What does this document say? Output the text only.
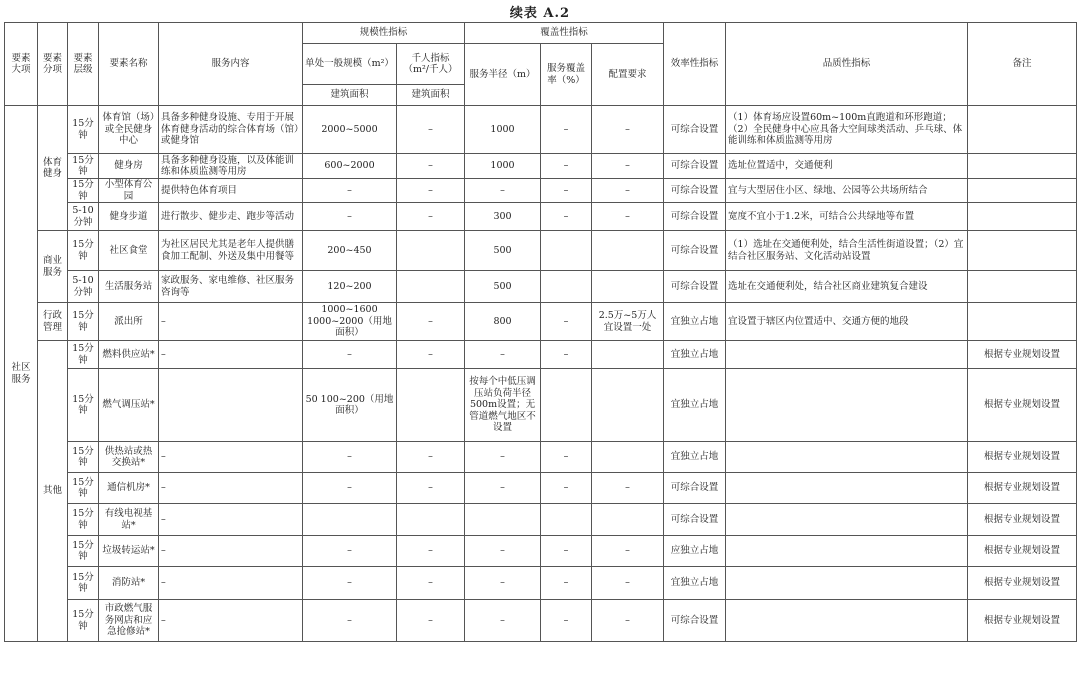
续表 A.2
要素大项	要素分项	要素层级	要素名称	服务内容	规模性指标		覆盖性指标			效率性指标	品质性指标	备注
					单处一般规模（m²）	千人指标（m²/千人）	服务半径（m）	服务覆盖率（%）	配置要求			
					建筑面积	建筑面积						
社区服务	体育健身	15分钟	体育馆（场）或全民健身中心	具备多种健身设施、专用于开展体育健身活动的综合体育场（馆）或健身馆	2000~5000	–	1000	–	–	可综合设置	（1）体育场应设置60m~100m直跑道和环形跑道；（2）全民健身中心应具备大空间球类活动、乒乓球、体能训练和体质监测等用房	
		15分钟	健身房	具备多种健身设施，以及体能训练和体质监测等用房	600~2000	–	1000	–	–	可综合设置	选址位置适中，交通便利	
		15分钟	小型体育公园	提供特色体育项目	–	–	–	–	–	可综合设置	宜与大型居住小区、绿地、公园等公共场所结合	
		5-10分钟	健身步道	进行散步、健步走、跑步等活动	–	–	300	–	–	可综合设置	宽度不宜小于1.2米，可结合公共绿地等布置	
	商业服务	15分钟	社区食堂	为社区居民尤其是老年人提供膳食加工配制、外送及集中用餐等	200~450		500			可综合设置	（1）选址在交通便利处，结合生活性街道设置；（2）宜结合社区服务站、文化活动站设置	
		5-10分钟	生活服务站	家政服务、家电维修、社区服务咨询等	120~200		500			可综合设置	选址在交通便利处，结合社区商业建筑复合建设	
	行政管理	15分钟	派出所	–	1000~1600 1000~2000（用地面积）	–	800	–	2.5万~5万人宜设置一处	宜独立占地	宜设置于辖区内位置适中、交通方便的地段	
	其他	15分钟	燃料供应站*	–	–	–	–	–		宜独立占地		根据专业规划设置
		15分钟	燃气调压站*		50 100~200（用地面积）		按每个中低压调压站负荷半径500m设置；无管道燃气地区不设置			宜独立占地		根据专业规划设置
		15分钟	供热站或热交换站*	–	–	–	–	–		宜独立占地		根据专业规划设置
		15分钟	通信机房*	–	–	–	–	–	–	可综合设置		根据专业规划设置
		15分钟	有线电视基站*	–						可综合设置		根据专业规划设置
		15分钟	垃圾转运站*	–	–	–	–	–	–	应独立占地		根据专业规划设置
		15分钟	消防站*	–	–	–	–	–	–	宜独立占地		根据专业规划设置
		15分钟	市政燃气服务网店和应急抢修站*	–	–	–	–	–	–	可综合设置		根据专业规划设置
